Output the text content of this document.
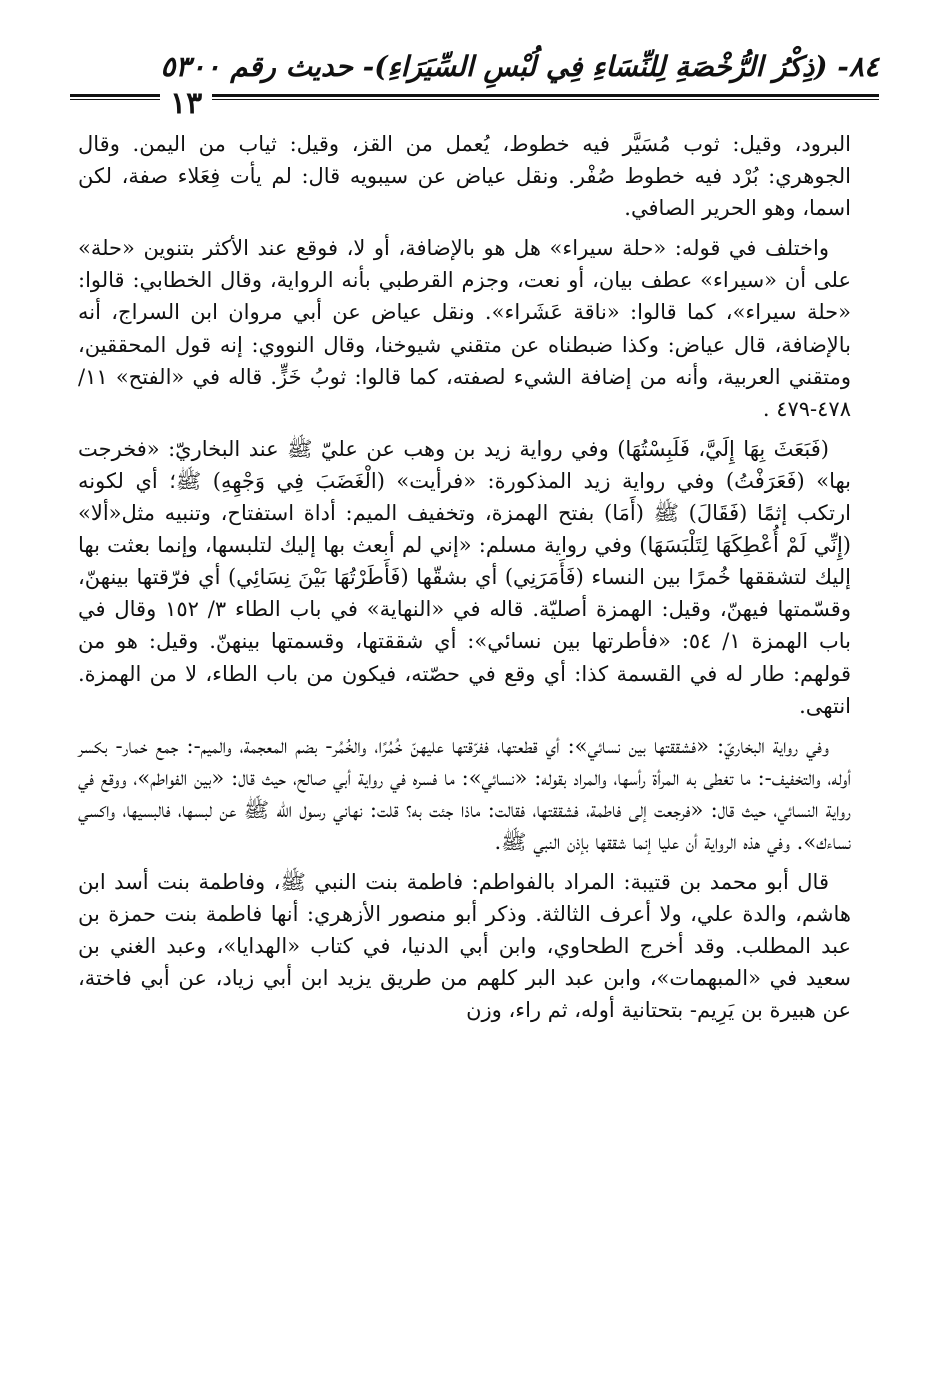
٨٤- (ذِكْرُ الرُّخْصَةِ لِلنِّسَاءِ فِي لُبْسِ السِّيَرَاءِ)- حديث رقم ٥٣٠٠
١٣

البرود، وقيل: ثوب مُسَيَّر فيه خطوط، يُعمل من القز، وقيل: ثياب من اليمن. وقال الجوهري: بُرْد فيه خطوط صُفْر. ونقل عياض عن سيبويه قال: لم يأت فِعَلاء صفة، لكن اسما، وهو الحرير الصافي.

واختلف في قوله: «حلة سيراء» هل هو بالإضافة، أو لا، فوقع عند الأكثر بتنوين «حلة» على أن «سيراء» عطف بيان، أو نعت، وجزم القرطبي بأنه الرواية، وقال الخطابي: قالوا: «حلة سيراء»، كما قالوا: «ناقة عَشَراء». ونقل عياض عن أبي مروان ابن السراج، أنه بالإضافة، قال عياض: وكذا ضبطناه عن متقني شيوخنا، وقال النووي: إنه قول المحققين، ومتقني العربية، وأنه من إضافة الشيء لصفته، كما قالوا: ثوبُ خَزٍّ. قاله في «الفتح» ١١/ ٤٧٨-٤٧٩ .

(فَبَعَثَ بِهَا إِلَيَّ، فَلَبِسْتُهَا) وفي رواية زيد بن وهب عن عليّ ﷺ عند البخاريّ: «فخرجت بها» (فَعَرَفْتُ) وفي رواية زيد المذكورة: «فرأيت» (الْغَضَبَ فِي وَجْهِهِ) ﷺ؛ أي لكونه ارتكب إثمًا (فَقَالَ) ﷺ (أَمَا) بفتح الهمزة، وتخفيف الميم: أداة استفتاح، وتنبيه مثل«ألا» (إِنِّي لَمْ أُعْطِكَهَا لِتَلْبَسَهَا) وفي رواية مسلم: «إني لم أبعث بها إليك لتلبسها، وإنما بعثت بها إليك لتشققها خُمرًا بين النساء (فَأَمَرَنِي) أي بشقّها (فَأَطَرْتُهَا بَيْنَ نِسَائِي) أي فرّقتها بينهنّ، وقسّمتها فيهنّ، وقيل: الهمزة أصليّة. قاله في «النهاية» في باب الطاء ٣/ ١٥٢ وقال في باب الهمزة ١/ ٥٤: «فأطرتها بين نسائي»: أي شققتها، وقسمتها بينهنّ. وقيل: هو من قولهم: طار له في القسمة كذا: أي وقع في حصّته، فيكون من باب الطاء، لا من الهمزة. انتهى.

وفي رواية البخاريّ: «فشققتها بين نسائي»: أي قطعتها، ففرّقتها عليهنّ خُمُرًا، والخُمُر- بضم المعجمة، والميم-: جمع خمار- بكسر أوله، والتخفيف-: ما تغطى به المرأة رأسها، والمراد بقوله: «نسائي»: ما فسره في رواية أبي صالح، حيث قال: «بين الفواطم»، ووقع في رواية النسائي، حيث قال: «فرجعت إلى فاطمة، فشققتها، فقالت: ماذا جئت به؟ قلت: نهاني رسول الله ﷺ عن لبسها، فالبسيها، واكسي نساءك». وفي هذه الرواية أن عليا إنما شققها بإذن النبي ﷺ.

قال أبو محمد بن قتيبة: المراد بالفواطم: فاطمة بنت النبي ﷺ، وفاطمة بنت أسد ابن هاشم، والدة علي، ولا أعرف الثالثة. وذكر أبو منصور الأزهري: أنها فاطمة بنت حمزة بن عبد المطلب. وقد أخرج الطحاوي، وابن أبي الدنيا، في كتاب «الهدايا»، وعبد الغني بن سعيد في «المبهمات»، وابن عبد البر كلهم من طريق يزيد ابن أبي زياد، عن أبي فاختة، عن هبيرة بن يَرِيم- بتحتانية أوله، ثم راء، وزن
